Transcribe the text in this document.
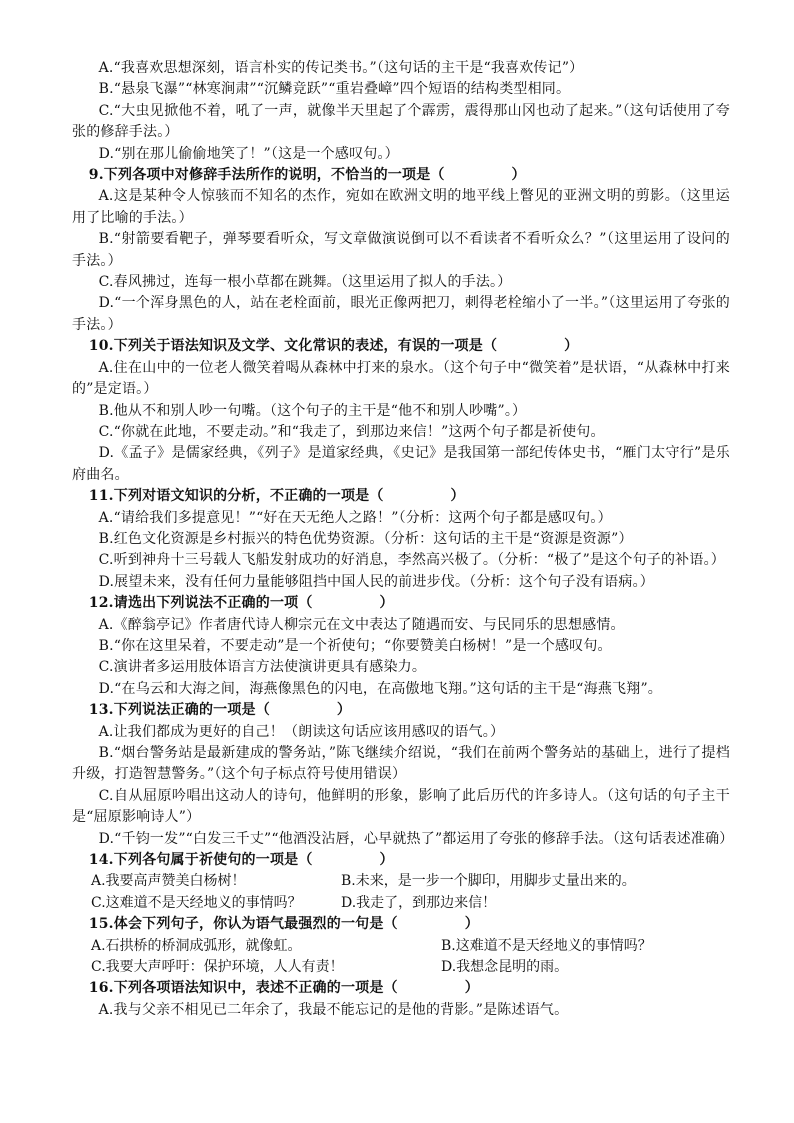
A.“我喜欢思想深刻，语言朴实的传记类书。”（这句话的主干是“我喜欢传记”）

B.“悬泉飞瀑”“林寒涧肃”“沉鳞竞跃”“重岩叠嶂”四个短语的结构类型相同。

C.“大虫见掀他不着，吼了一声，就像半天里起了个霹雳，震得那山冈也动了起来。”（这句话使用了夸张的修辞手法。）

D.“别在那儿偷偷地笑了！”（这是一个感叹句。）

9.下列各项中对修辞手法所作的说明，不恰当的一项是（ 　　　　 ）

A.这是某种令人惊骇而不知名的杰作，宛如在欧洲文明的地平线上瞥见的亚洲文明的剪影。（这里运用了比喻的手法。）

B.“射箭要看靶子，弹琴要看听众，写文章做演说倒可以不看读者不看听众么？”（这里运用了设问的手法。）

C.春风拂过，连每一根小草都在跳舞。（这里运用了拟人的手法。）

D.“一个浑身黑色的人，站在老栓面前，眼光正像两把刀，刺得老栓缩小了一半。”（这里运用了夸张的手法。）

10.下列关于语法知识及文学、文化常识的表述，有误的一项是（ 　　　　 ）

A.住在山中的一位老人微笑着喝从森林中打来的泉水。（这个句子中“微笑着”是状语，“从森林中打来的”是定语。）

B.他从不和别人吵一句嘴。（这个句子的主干是“他不和别人吵嘴”。）

C.“你就在此地，不要走动。”和“我走了，到那边来信！”这两个句子都是祈使句。

D.《孟子》是儒家经典，《列子》是道家经典，《史记》是我国第一部纪传体史书，“雁门太守行”是乐府曲名。

11.下列对语文知识的分析，不正确的一项是（ 　　　　 ）

A.“请给我们多提意见！”“好在天无绝人之路！”（分析：这两个句子都是感叹句。）

B.红色文化资源是乡村振兴的特色优势资源。（分析：这句话的主干是“资源是资源”）

C.听到神舟十三号载人飞船发射成功的好消息，李然高兴极了。（分析：“极了”是这个句子的补语。）

D.展望未来，没有任何力量能够阻挡中国人民的前进步伐。（分析：这个句子没有语病。）

12.请选出下列说法不正确的一项（ 　　　　 ）

A.《醉翁亭记》作者唐代诗人柳宗元在文中表达了随遇而安、与民同乐的思想感情。

B.“你在这里呆着，不要走动”是一个祈使句；“你要赞美白杨树！”是一个感叹句。

C.演讲者多运用肢体语言方法使演讲更具有感染力。

D.“在乌云和大海之间，海燕像黑色的闪电，在高傲地飞翔。”这句话的主干是“海燕飞翔”。

13.下列说法正确的一项是（ 　　　　 ）

A.让我们都成为更好的自己！（朗读这句话应该用感叹的语气。）

B.“烟台警务站是最新建成的警务站，”陈飞继续介绍说，“我们在前两个警务站的基础上，进行了提档升级，打造智慧警务。”（这个句子标点符号使用错误）

C.自从屈原吟唱出这动人的诗句，他鲜明的形象，影响了此后历代的许多诗人。（这句话的句子主干是“屈原影响诗人”）

D.“千钧一发”“白发三千丈”“他酒没沾唇，心早就热了”都运用了夸张的修辞手法。（这句话表述准确）

14.下列各句属于祈使句的一项是（ 　　　　 ）

A.我要高声赞美白杨树！	B.未来，是一步一个脚印，用脚步丈量出来的。
C.这难道不是天经地义的事情吗？	D.我走了，到那边来信！

15.体会下列句子，你认为语气最强烈的一句是（ 　　　　 ）

A.石拱桥的桥洞成弧形，就像虹。	B.这难道不是天经地义的事情吗？
C.我要大声呼吁：保护环境，人人有责！	D.我想念昆明的雨。

16.下列各项语法知识中，表述不正确的一项是（ 　　　　 ）

A.我与父亲不相见已二年余了，我最不能忘记的是他的背影。”是陈述语气。
